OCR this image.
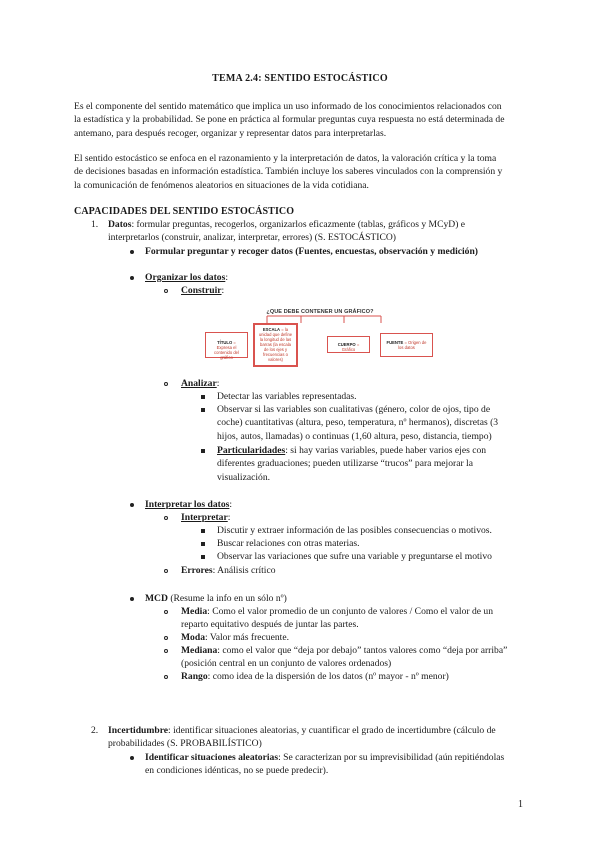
TEMA 2.4: SENTIDO ESTOCÁSTICO
Es el componente del sentido matemático que implica un uso informado de los conocimientos relacionados con
la estadística y la probabilidad. Se pone en práctica al formular preguntas cuya respuesta no está determinada de
antemano, para después recoger, organizar y representar datos para interpretarlas.
El sentido estocástico se enfoca en el razonamiento y la interpretación de datos, la valoración crítica y la toma
de decisiones basadas en información estadística. También incluye los saberes vinculados con la comprensión y
la comunicación de fenómenos aleatorios en situaciones de la vida cotidiana.
CAPACIDADES DEL SENTIDO ESTOCÁSTICO
1. Datos: formular preguntas, recogerlos, organizarlos eficazmente (tablas, gráficos y MCyD) e
interpretarlos (construir, analizar, interpretar, errores) (S. ESTOCÁSTICO)
Formular preguntar y recoger datos (Fuentes, encuestas, observación y medición)
Organizar los datos:
Construir:
¿QUE DEBE CONTENER UN GRÁFICO?
TÍTULO = Expresa el contenido del gráfico
ESCALA = la unidad que define la longitud de las barras (la escala de los ejes y frecuencias o valores)
CUERPO = Gráfico
FUENTE = Origen de los datos
Analizar:
Detectar las variables representadas.
Observar si las variables son cualitativas (género, color de ojos, tipo de
coche) cuantitativas (altura, peso, temperatura, nº hermanos), discretas (3
hijos, autos, llamadas) o continuas (1,60 altura, peso, distancia, tiempo)
Particularidades: si hay varias variables, puede haber varios ejes con
diferentes graduaciones; pueden utilizarse “trucos” para mejorar la
visualización.
Interpretar los datos:
Interpretar:
Discutir y extraer información de las posibles consecuencias o motivos.
Buscar relaciones con otras materias.
Observar las variaciones que sufre una variable y preguntarse el motivo
Errores: Análisis crítico
MCD (Resume la info en un sólo nº)
Media: Como el valor promedio de un conjunto de valores / Como el valor de un
reparto equitativo después de juntar las partes.
Moda: Valor más frecuente.
Mediana: como el valor que “deja por debajo” tantos valores como “deja por arriba”
(posición central en un conjunto de valores ordenados)
Rango: como idea de la dispersión de los datos (nº mayor - nº menor)
2. Incertidumbre: identificar situaciones aleatorias, y cuantificar el grado de incertidumbre (cálculo de
probabilidades (S. PROBABILÍSTICO)
Identificar situaciones aleatorias: Se caracterizan por su imprevisibilidad (aún repitiéndolas
en condiciones idénticas, no se puede predecir).
1
